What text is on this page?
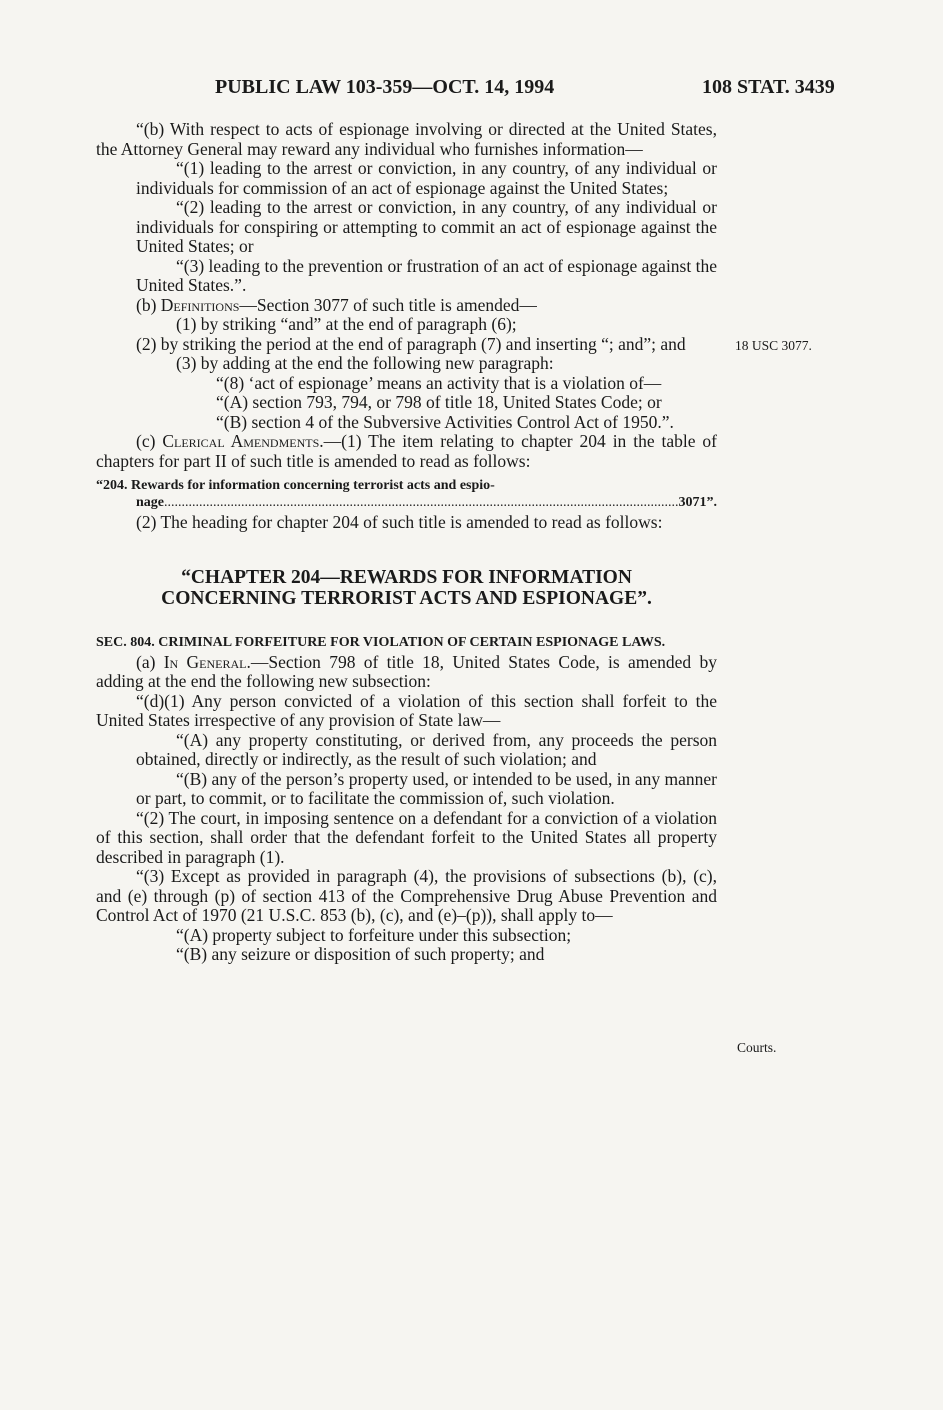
PUBLIC LAW 103-359—OCT. 14, 1994	108 STAT. 3439
18 USC 3077.
Courts.

“(b) With respect to acts of espionage involving or directed at the United States, the Attorney General may reward any individual who furnishes information—

“(1) leading to the arrest or conviction, in any country, of any individual or individuals for commission of an act of espionage against the United States;

“(2) leading to the arrest or conviction, in any country, of any individual or individuals for conspiring or attempting to commit an act of espionage against the United States; or

“(3) leading to the prevention or frustration of an act of espionage against the United States.”.

(b) Definitions—Section 3077 of such title is amended—

(1) by striking “and” at the end of paragraph (6);

(2) by striking the period at the end of paragraph (7) and inserting “; and”; and

(3) by adding at the end the following new paragraph:

“(8) ‘act of espionage’ means an activity that is a violation of—

“(A) section 793, 794, or 798 of title 18, United States Code; or

“(B) section 4 of the Subversive Activities Control Act of 1950.”.

(c) Clerical Amendments.—(1) The item relating to chapter 204 in the table of chapters for part II of such title is amended to read as follows:

“204. Rewards for information concerning terrorist acts and espio-
nage
.....	3071”.

(2) The heading for chapter 204 of such title is amended to read as follows:

“CHAPTER 204—REWARDS FOR INFORMATION
CONCERNING TERRORIST ACTS AND ESPIONAGE”.

SEC. 804. CRIMINAL FORFEITURE FOR VIOLATION OF CERTAIN ESPIONAGE LAWS.

(a) In General.—Section 798 of title 18, United States Code, is amended by adding at the end the following new subsection:

“(d)(1) Any person convicted of a violation of this section shall forfeit to the United States irrespective of any provision of State law—

“(A) any property constituting, or derived from, any proceeds the person obtained, directly or indirectly, as the result of such violation; and

“(B) any of the person’s property used, or intended to be used, in any manner or part, to commit, or to facilitate the commission of, such violation.

“(2) The court, in imposing sentence on a defendant for a conviction of a violation of this section, shall order that the defendant forfeit to the United States all property described in paragraph (1).

“(3) Except as provided in paragraph (4), the provisions of subsections (b), (c), and (e) through (p) of section 413 of the Comprehensive Drug Abuse Prevention and Control Act of 1970 (21 U.S.C. 853 (b), (c), and (e)–(p)), shall apply to—

“(A) property subject to forfeiture under this subsection;

“(B) any seizure or disposition of such property; and
